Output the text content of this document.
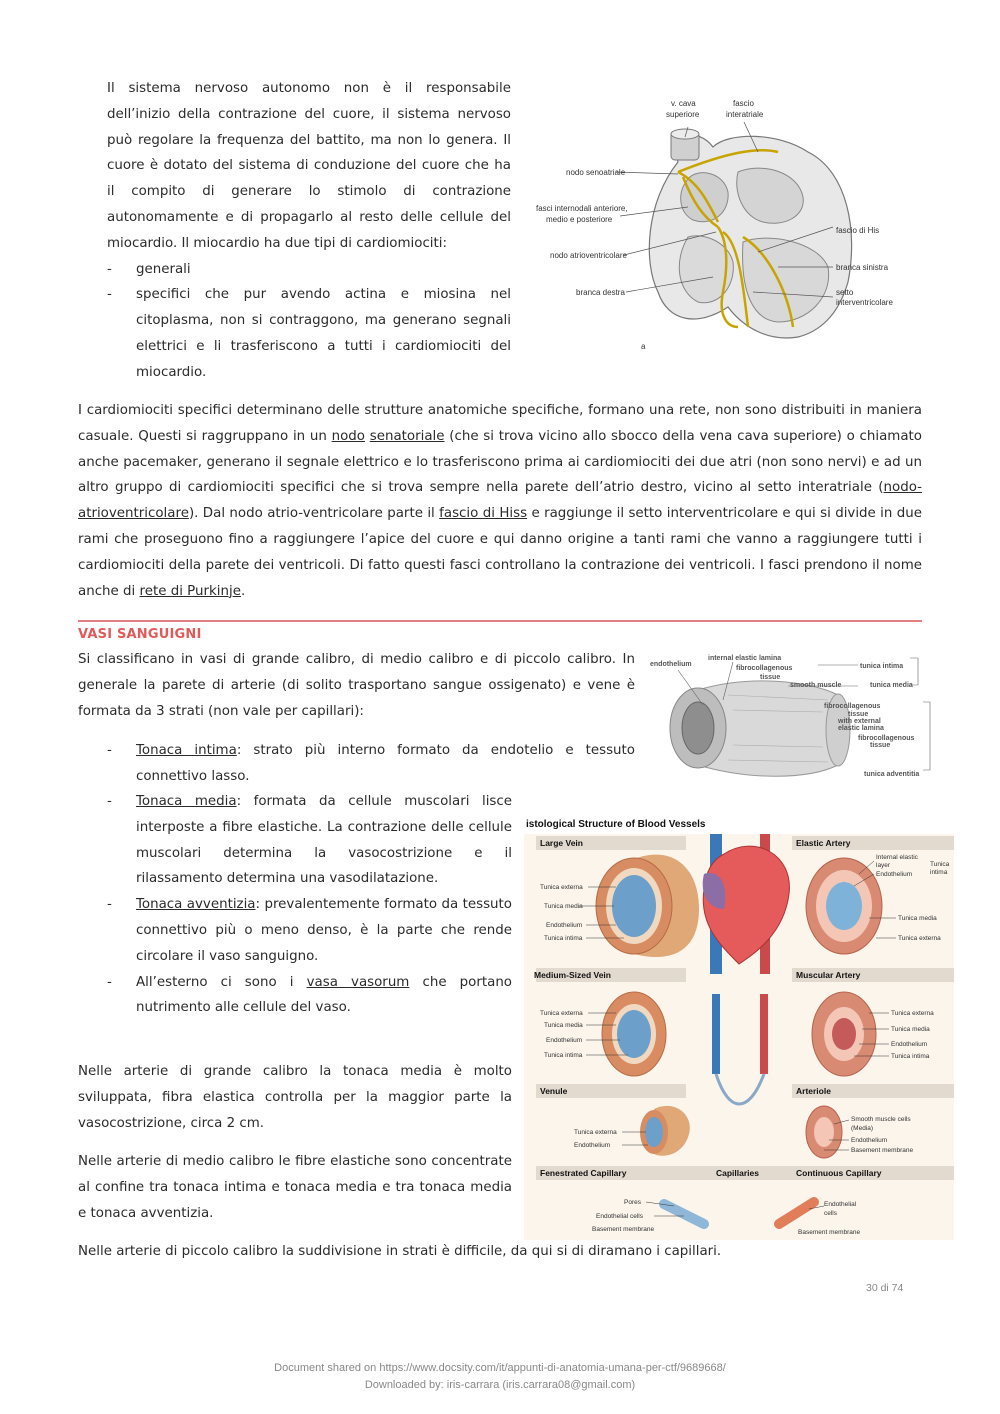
Il sistema nervoso autonomo non è il responsabile dell’inizio della contrazione del cuore, il sistema nervoso può regolare la frequenza del battito, ma non lo genera. Il cuore è dotato del sistema di conduzione del cuore che ha il compito di generare lo stimolo di contrazione autonomamente e di propagarlo al resto delle cellule del miocardio. Il miocardio ha due tipi di cardiomiociti:

- generali
- specifici che pur avendo actina e miosina nel citoplasma, non si contraggono, ma generano segnali elettrici e li trasferiscono a tutti i cardiomiociti del miocardio.
v. cava
superiore
fascio
interatriale
nodo senoatriale
fasci internodali anteriore,
medio e posteriore
nodo atrioventricolare
branca destra
fascio di His
branca sinistra
setto
interventricolare
a

I cardiomiociti specifici determinano delle strutture anatomiche specifiche, formano una rete, non sono distribuiti in maniera casuale. Questi si raggruppano in un nodo senatoriale (che si trova vicino allo sbocco della vena cava superiore) o chiamato anche pacemaker, generano il segnale elettrico e lo trasferiscono prima ai cardiomiociti dei due atri (non sono nervi) e ad un altro gruppo di cardiomiociti specifici che si trova sempre nella parete dell’atrio destro, vicino al setto interatriale (nodo-atrioventricolare). Dal nodo atrio-ventricolare parte il fascio di Hiss e raggiunge il setto interventricolare e qui si divide in due rami che proseguono fino a raggiungere l’apice del cuore e qui danno origine a tanti rami che vanno a raggiungere tutti i cardiomiociti della parete dei ventricoli. Di fatto questi fasci controllano la contrazione dei ventricoli. I fasci prendono il nome anche di rete di Purkinje.

VASI SANGUIGNI

Si classificano in vasi di grande calibro, di medio calibro e di piccolo calibro. In generale la parete di arterie (di solito trasportano sangue ossigenato) e vene è formata da 3 strati (non vale per capillari):

- Tonaca intima: strato più interno formato da endotelio e tessuto connettivo lasso.
- Tonaca media: formata da cellule muscolari lisce interposte a fibre elastiche. La contrazione delle cellule muscolari determina la vasocostrizione e il rilassamento determina una vasodilatazione.
- Tonaca avventizia: prevalentemente formato da tessuto connettivo più o meno denso, è la parte che rende circolare il vaso sanguigno.
- All’esterno ci sono i vasa vasorum che portano nutrimento alle cellule del vaso.

Nelle arterie di grande calibro la tonaca media è molto sviluppata, fibra elastica controlla per la maggior parte la vasocostrizione, circa 2 cm.

Nelle arterie di medio calibro le fibre elastiche sono concentrate al confine tra tonaca intima e tonaca media e tra tonaca media e tonaca avventizia.

Nelle arterie di piccolo calibro la suddivisione in strati è difficile, da qui si di diramano i capillari.

endothelium
internal elastic lamina
fibrocollagenous
tissue
tunica intima
smooth muscle	tunica media
fibrocollagenous
tissue
with external
elastic lamina
fibrocollagenous
tissue
tunica adventitia
istological Structure of Blood Vessels
Large Vein	Elastic Artery
Medium-Sized Vein	Muscular Artery
Venule	Arteriole
Fenestrated Capillary	Capillaries	Continuous Capillary
Tunica externa
Tunica media
Endothelium
Tunica intima
Tunica externa
Tunica media
Endothelium
Tunica intima
Tunica externa
Endothelium
Internal elastic
layer
Endothelium
Tunica
intima
Tunica media
Tunica externa
Tunica externa
Tunica media
Endothelium
Tunica intima
Smooth muscle cells
(Media)
Endothelium
Basement membrane
Pores
Endothelial cells
Basement membrane
Endothelial
cells
Basement membrane
30 di 74
Document shared on https://www.docsity.com/it/appunti-di-anatomia-umana-per-ctf/9689668/
Downloaded by: iris-carrara (iris.carrara08@gmail.com)
